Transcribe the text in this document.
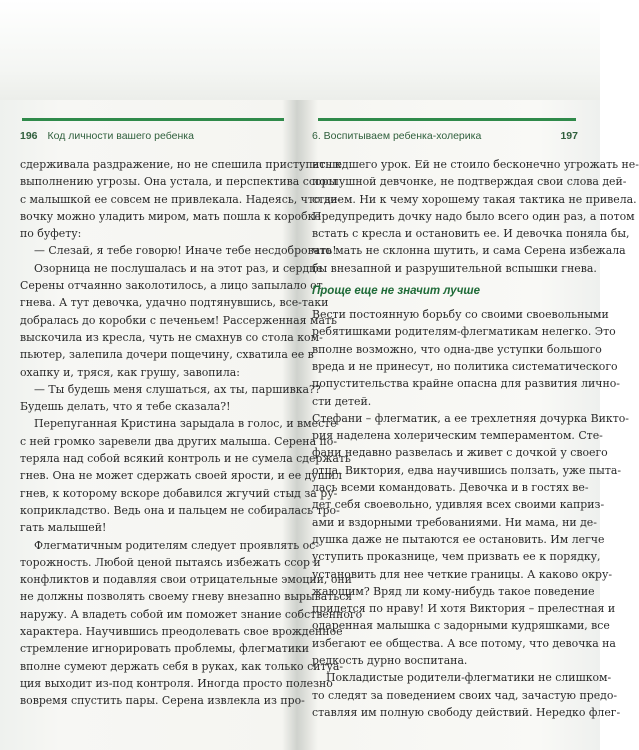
196 Код личности вашего ребенка
сдерживала раздражение, но не спешила приступать к
выполнению угрозы. Она устала, и перспектива ссоры
с малышкой ее совсем не привлекала. Надеясь, что де-
вочку можно уладить миром, мать пошла к коробке
по буфету:
— Слезай, я тебе говорю! Иначе тебе несдобровать!
Озорница не послушалась и на этот раз, и сердце
Серены отчаянно заколотилось, а лицо запылало от
гнева. А тут девочка, удачно подтянувшись, все-таки
добралась до коробки с печеньем! Рассерженная мать
выскочила из кресла, чуть не смахнув со стола ком-
пьютер, залепила дочери пощечину, схватила ее в
охапку и, тряся, как грушу, завопила:
— Ты будешь меня слушаться, ах ты, паршивка??
Будешь делать, что я тебе сказала?!
Перепуганная Кристина зарыдала в голос, и вместе
с ней громко заревели два других малыша. Серена по-
теряла над собой всякий контроль и не сумела сдержать
гнев. Она не может сдержать своей ярости, и ее душил
гнев, к которому вскоре добавился жгучий стыд за ру-
коприкладство. Ведь она и пальцем не собиралась тро-
гать малышей!
Флегматичным родителям следует проявлять ос-
торожность. Любой ценой пытаясь избежать ссор и
конфликтов и подавляя свои отрицательные эмоции, они
не должны позволять своему гневу внезапно вырываться
наружу. А владеть собой им поможет знание собственного
характера. Научившись преодолевать свое врожденное
стремление игнорировать проблемы, флегматики
вполне сумеют держать себя в руках, как только ситуа-
ция выходит из-под контроля. Иногда просто полезно
вовремя спустить пары. Серена извлекла из про-
6. Воспитываем ребенка-холерика	197
исшедшего урок. Ей не стоило бесконечно угрожать не-
послушной девчонке, не подтверждая свои слова дей-
ствием. Ни к чему хорошему такая тактика не привела.
Предупредить дочку надо было всего один раз, а потом
встать с кресла и остановить ее. И девочка поняла бы,
что мать не склонна шутить, и сама Серена избежала
бы внезапной и разрушительной вспышки гнева.
Проще еще не значит лучше
Вести постоянную борьбу со своими своевольными
ребятишками родителям-флегматикам нелегко. Это
вполне возможно, что одна-две уступки большого
вреда и не принесут, но политика систематического
попустительства крайне опасна для развития лично-
сти детей.
Стефани – флегматик, а ее трехлетняя дочурка Викто-
рия наделена холерическим темпераментом. Сте-
фани недавно развелась и живет с дочкой у своего
отца. Виктория, едва научившись ползать, уже пыта-
лась всеми командовать. Девочка и в гостях ве-
дет себя своевольно, удивляя всех своими каприз-
ами и вздорными требованиями. Ни мама, ни де-
душка даже не пытаются ее остановить. Им легче
уступить проказнице, чем призвать ее к порядку,
установить для нее четкие границы. А каково окру-
жающим? Вряд ли кому-нибудь такое поведение
придется по нраву! И хотя Виктория – прелестная и
одаренная малышка с задорными кудряшками, все
избегают ее общества. А все потому, что девочка на
редкость дурно воспитана.
Покладистые родители-флегматики не слишком-
то следят за поведением своих чад, зачастую предо-
ставляя им полную свободу действий. Нередко флег-
